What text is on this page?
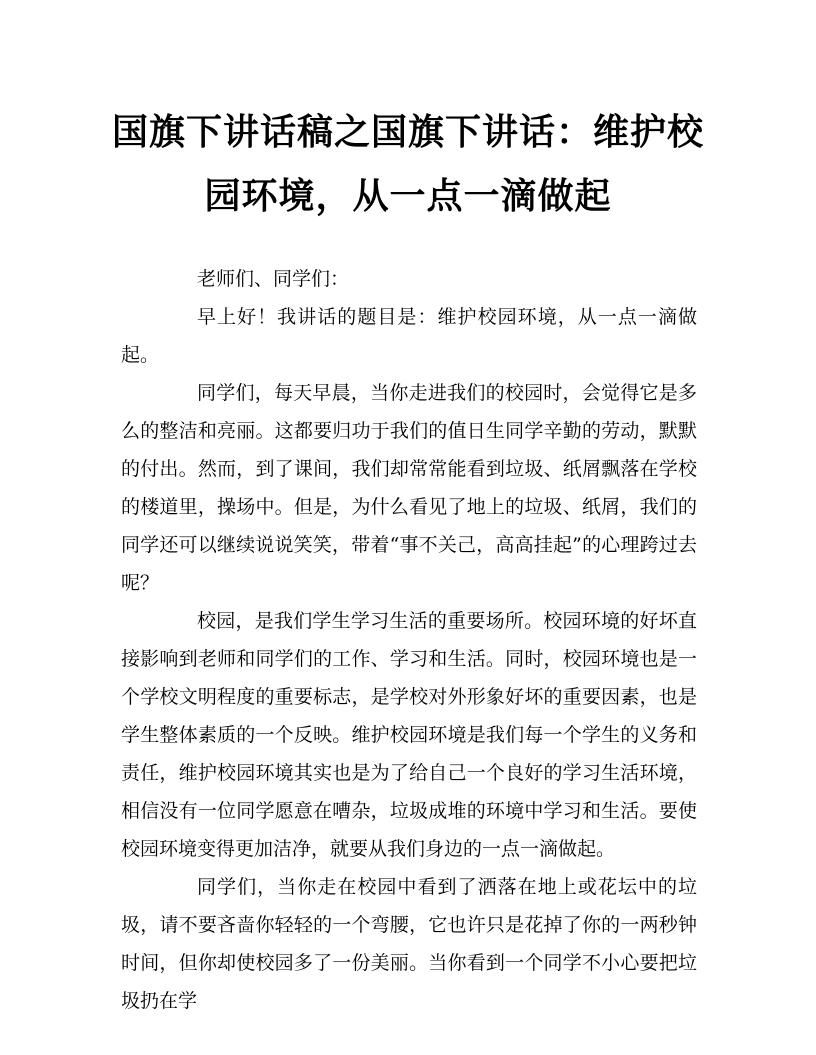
国旗下讲话稿之国旗下讲话：维护校园环境，从一点一滴做起

老师们、同学们：

早上好！我讲话的题目是：维护校园环境，从一点一滴做起。

同学们，每天早晨，当你走进我们的校园时，会觉得它是多么的整洁和亮丽。这都要归功于我们的值日生同学辛勤的劳动，默默的付出。然而，到了课间，我们却常常能看到垃圾、纸屑飘落在学校的楼道里，操场中。但是，为什么看见了地上的垃圾、纸屑，我们的同学还可以继续说说笑笑，带着“事不关己，高高挂起”的心理跨过去呢？

校园，是我们学生学习生活的重要场所。校园环境的好坏直接影响到老师和同学们的工作、学习和生活。同时，校园环境也是一个学校文明程度的重要标志，是学校对外形象好坏的重要因素，也是学生整体素质的一个反映。维护校园环境是我们每一个学生的义务和责任，维护校园环境其实也是为了给自己一个良好的学习生活环境，相信没有一位同学愿意在嘈杂，垃圾成堆的环境中学习和生活。要使校园环境变得更加洁净，就要从我们身边的一点一滴做起。

同学们，当你走在校园中看到了洒落在地上或花坛中的垃圾，请不要吝啬你轻轻的一个弯腰，它也许只是花掉了你的一两秒钟时间，但你却使校园多了一份美丽。当你看到一个同学不小心要把垃圾扔在学
